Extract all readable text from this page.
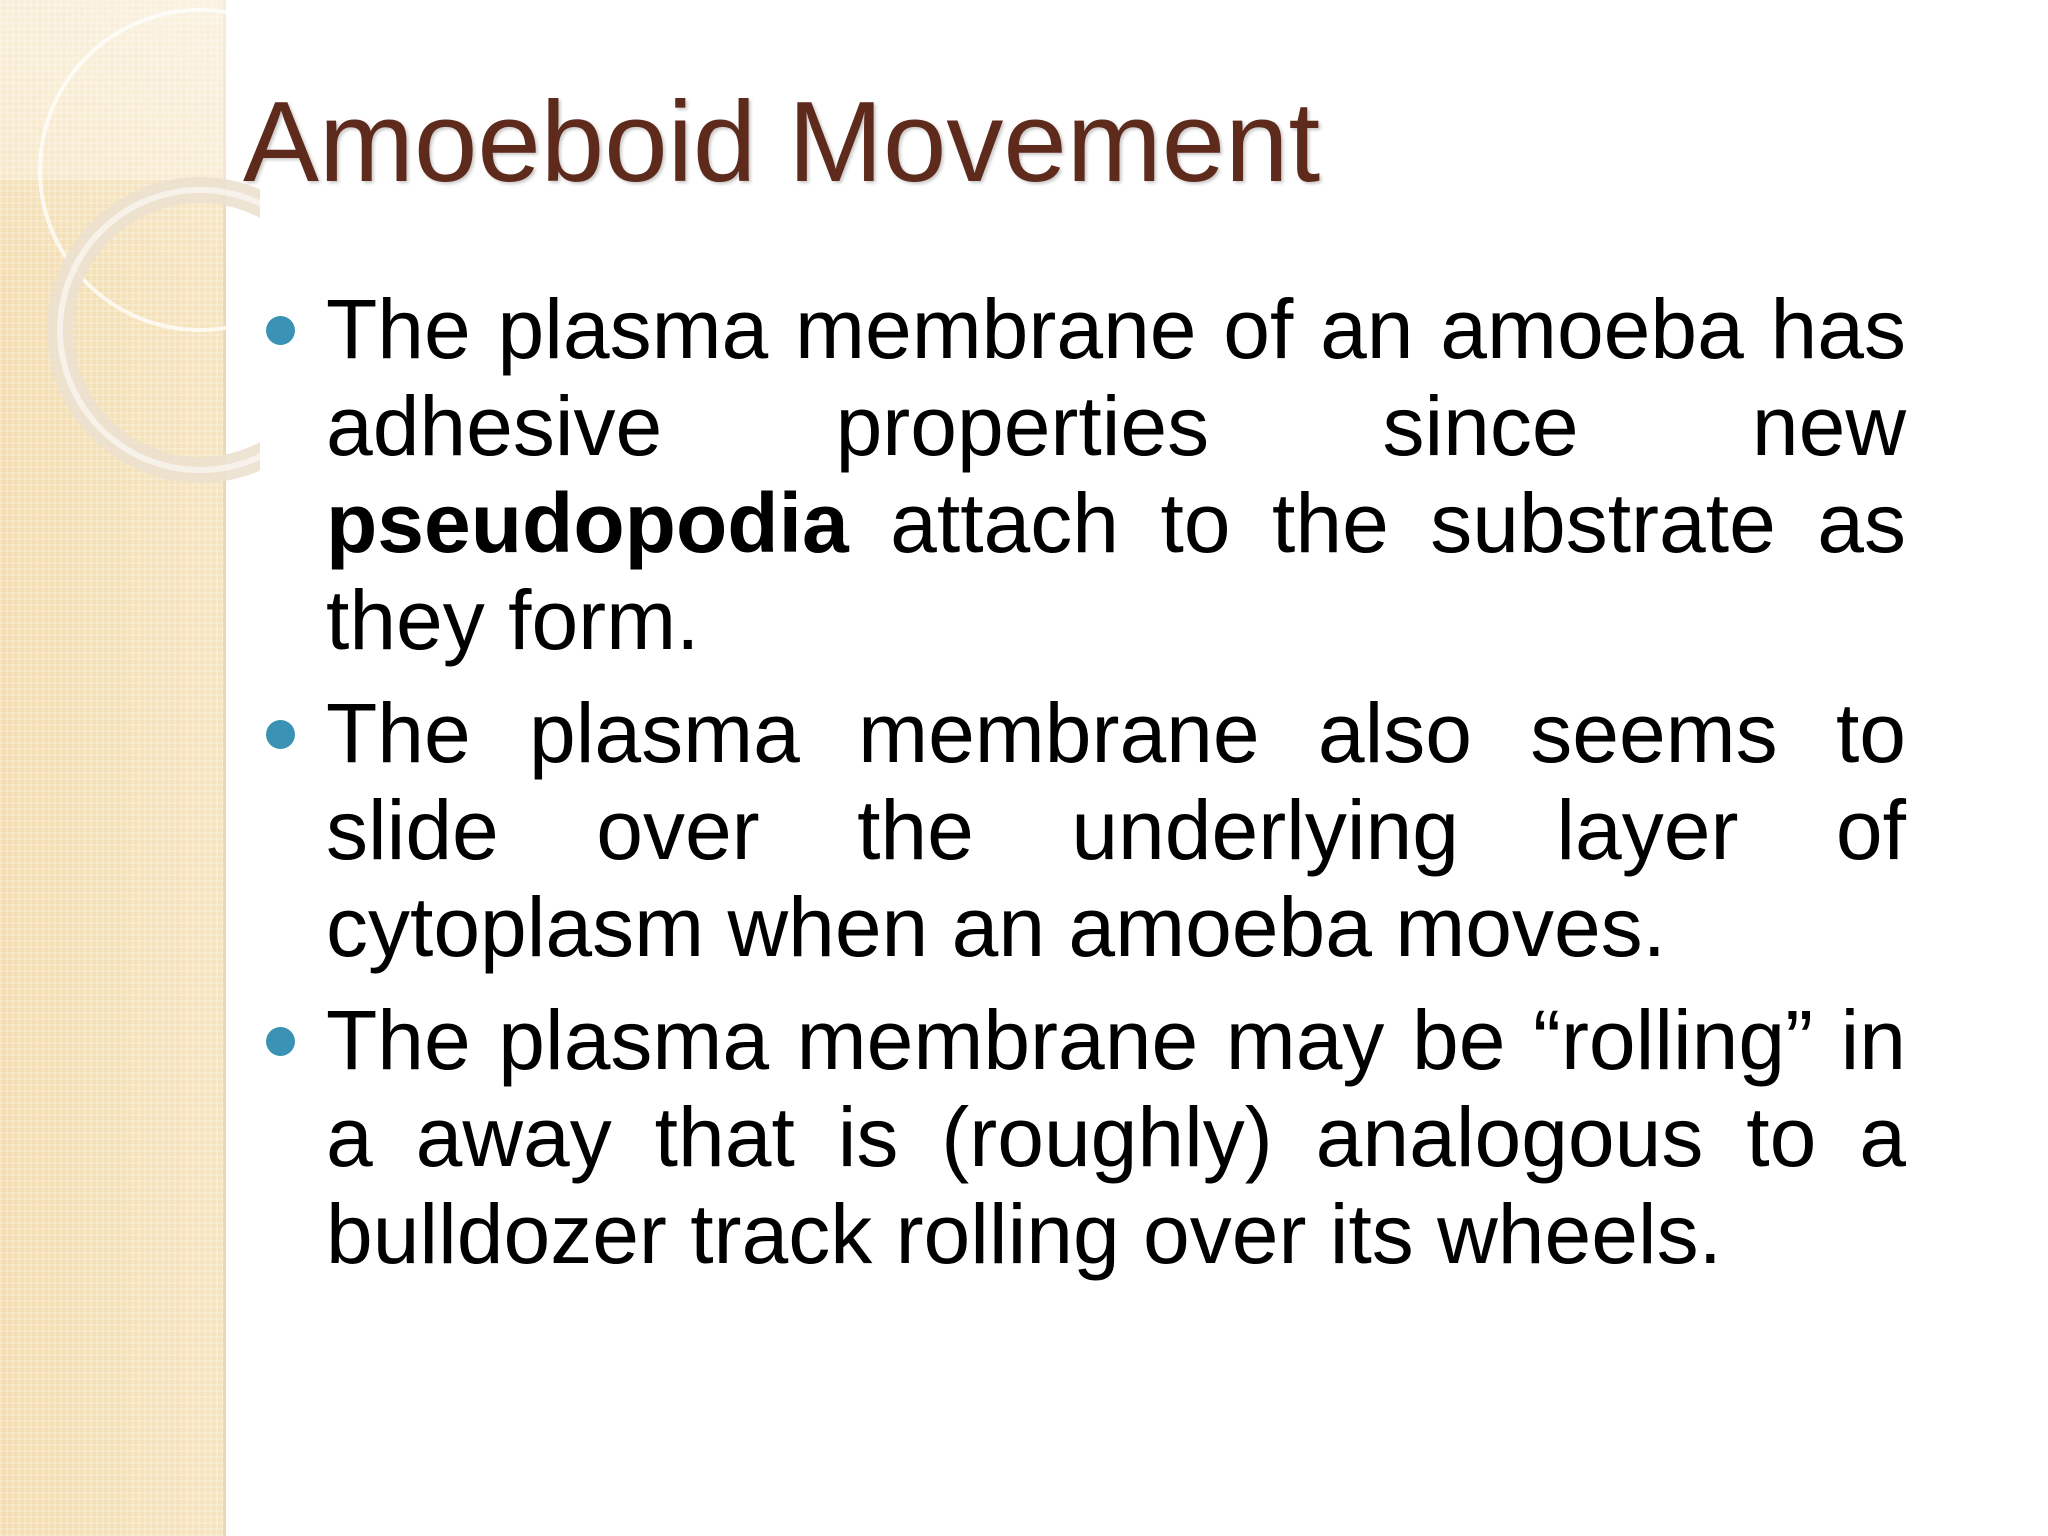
Amoeboid Movement
The plasma membrane of an amoeba has adhesive properties since new pseudopodia attach to the substrate as they form.
The plasma membrane also seems to slide over the underlying layer of cytoplasm when an amoeba moves.
The plasma membrane may be “rolling” in a away that is (roughly) analogous to a bulldozer track rolling over its wheels.
